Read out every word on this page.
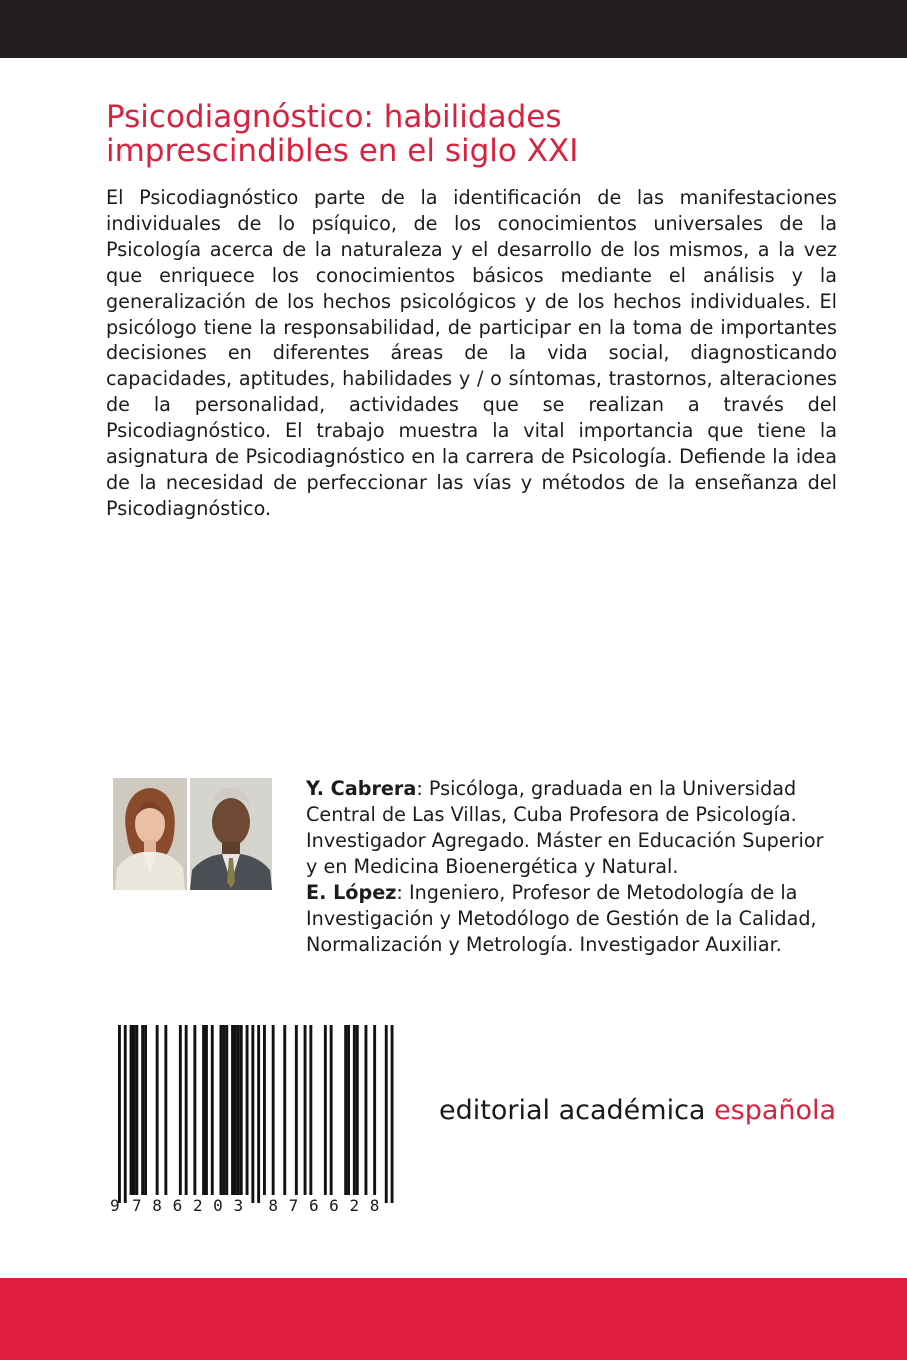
Psicodiagnóstico: habilidades
imprescindibles en el siglo XXI

El Psicodiagnóstico parte de la identificación de las manifestaciones individuales de lo psíquico, de los conocimientos universales de la Psicología acerca de la naturaleza y el desarrollo de los mismos, a la vez que enriquece los conocimientos básicos mediante el análisis y la generalización de los hechos psicológicos y de los hechos individuales. El psicólogo tiene la responsabilidad, de participar en la toma de importantes decisiones en diferentes áreas de la vida social, diagnosticando capacidades, aptitudes, habilidades y / o síntomas, trastornos, alteraciones de la personalidad, actividades que se realizan a través del Psicodiagnóstico. El trabajo muestra la vital importancia que tiene la asignatura de Psicodiagnóstico en la carrera de Psicología. Defiende la idea de la necesidad de perfeccionar las vías y métodos de la enseñanza del Psicodiagnóstico.

Y. Cabrera: Psicóloga, graduada en la Universidad Central de Las Villas, Cuba Profesora de Psicología. Investigador Agregado. Máster en Educación Superior y en Medicina Bioenergética y Natural.
E. López: Ingeniero, Profesor de Metodología de la Investigación y Metodólogo de Gestión de la Calidad, Normalización y Metrología. Investigador Auxiliar.

9 7 8 6 2 0 3 8 7 6 6 2 8
editorial académica española
